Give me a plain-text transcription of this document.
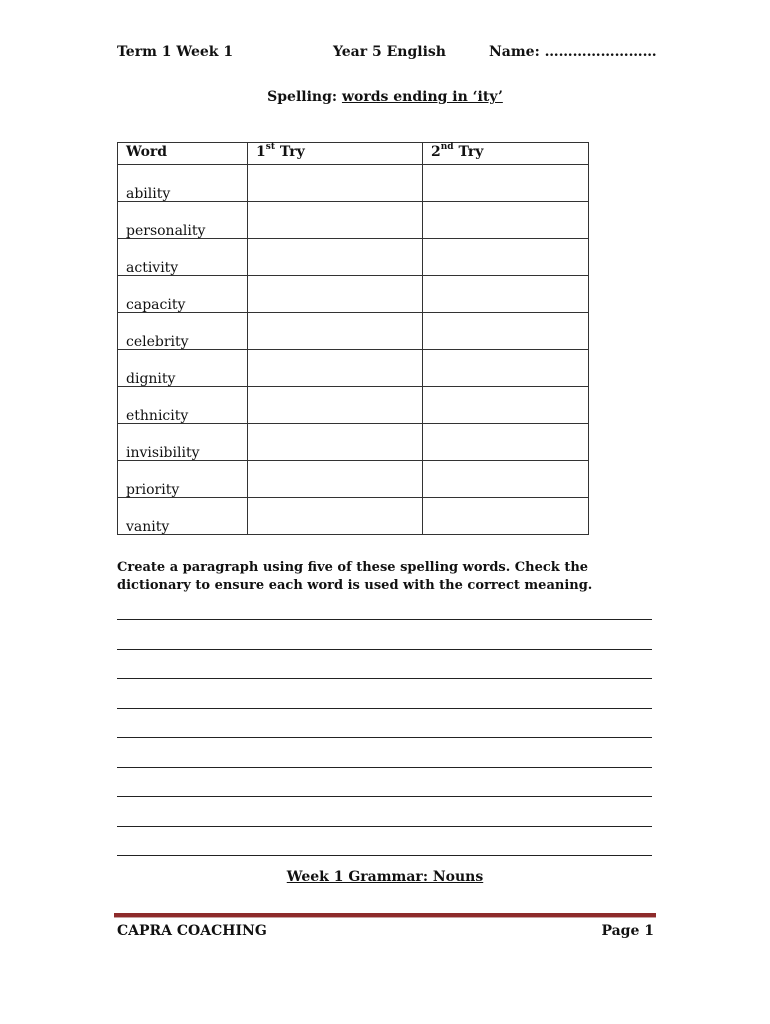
Term 1 Week 1	Year 5 English	Name: ……………………
Spelling: words ending in ‘ity’
Word	1st Try	2nd Try
ability		
personality		
activity		
capacity		
celebrity		
dignity		
ethnicity		
invisibility		
priority		
vanity		
Create a paragraph using five of these spelling words. Check the dictionary to ensure each word is used with the correct meaning.
Week 1 Grammar: Nouns
CAPRA COACHING	Page 1
